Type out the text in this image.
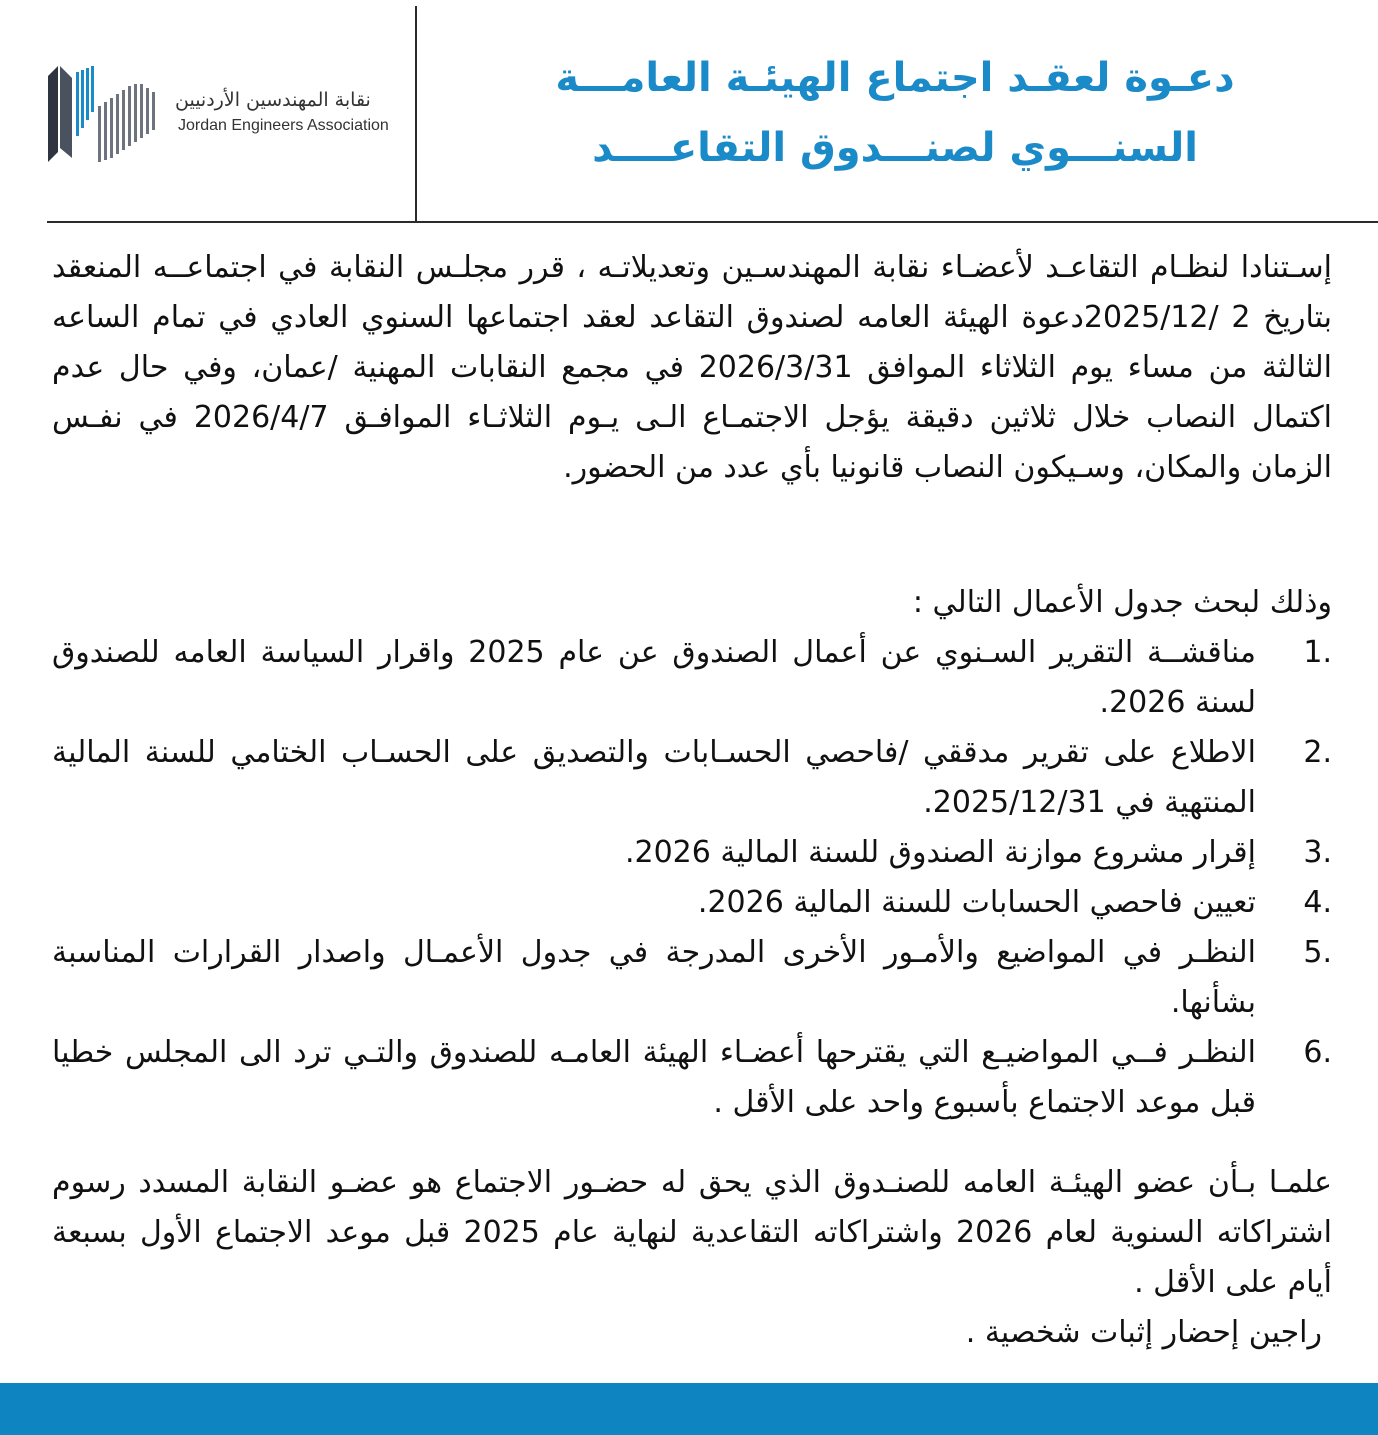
دعـوة لعقـد اجتماع الهيئـة العامـــة
السنـــوي لصنـــدوق التقاعــــد
نقابة المهندسين الأردنيين
Jordan Engineers Association
إسـتنادا لنظـام التقاعـد لأعضـاء نقابة المهندسـين وتعديلاتـه ، قرر مجلـس النقابة في اجتماعــه المنعقد بتاريخ 2 /2025/12دعوة الهيئة العامه لصندوق التقاعد لعقد اجتماعها السنوي العادي في تمام الساعه الثالثة من مساء يوم الثلاثاء الموافق 2026/3/31 في مجمع النقابات المهنية /عمان، وفي حال عدم اكتمال النصاب خلال ثلاثين دقيقة يؤجل الاجتمـاع الـى يـوم الثلاثـاء الموافـق 2026/4/7 في نفـس الزمان والمكان، وسـيكون النصاب قانونيا بأي عدد من الحضور.
وذلك لبحث جدول الأعمال التالي :
1.
مناقشــة التقرير السـنوي عن أعمال الصندوق عن عام 2025 واقرار السياسة العامه للصندوق لسنة 2026.
2.
الاطلاع على تقرير مدققي /فاحصي الحسـابات والتصديق على الحسـاب الختامي للسنة المالية المنتهية في 2025/12/31.
3.
إقرار مشروع موازنة الصندوق للسنة المالية 2026.
4.
تعيين فاحصي الحسابات للسنة المالية 2026.
5.
النظـر في المواضيع والأمـور الأخرى المدرجة في جدول الأعمـال واصدار القرارات المناسبة بشأنها.
6.
النظـر فــي المواضيـع التي يقترحها أعضـاء الهيئة العامـه للصندوق والتـي ترد الى المجلس خطيا قبل موعد الاجتماع بأسبوع واحد على الأقل .
علمـا بـأن عضو الهيئـة العامه للصنـدوق الذي يحق له حضـور الاجتماع هو عضـو النقابة المسدد رسوم اشتراكاته السنوية لعام 2026 واشتراكاته التقاعدية لنهاية عام 2025 قبل موعد الاجتماع الأول بسبعة أيام على الأقل .
راجين إحضار إثبات شخصية .
